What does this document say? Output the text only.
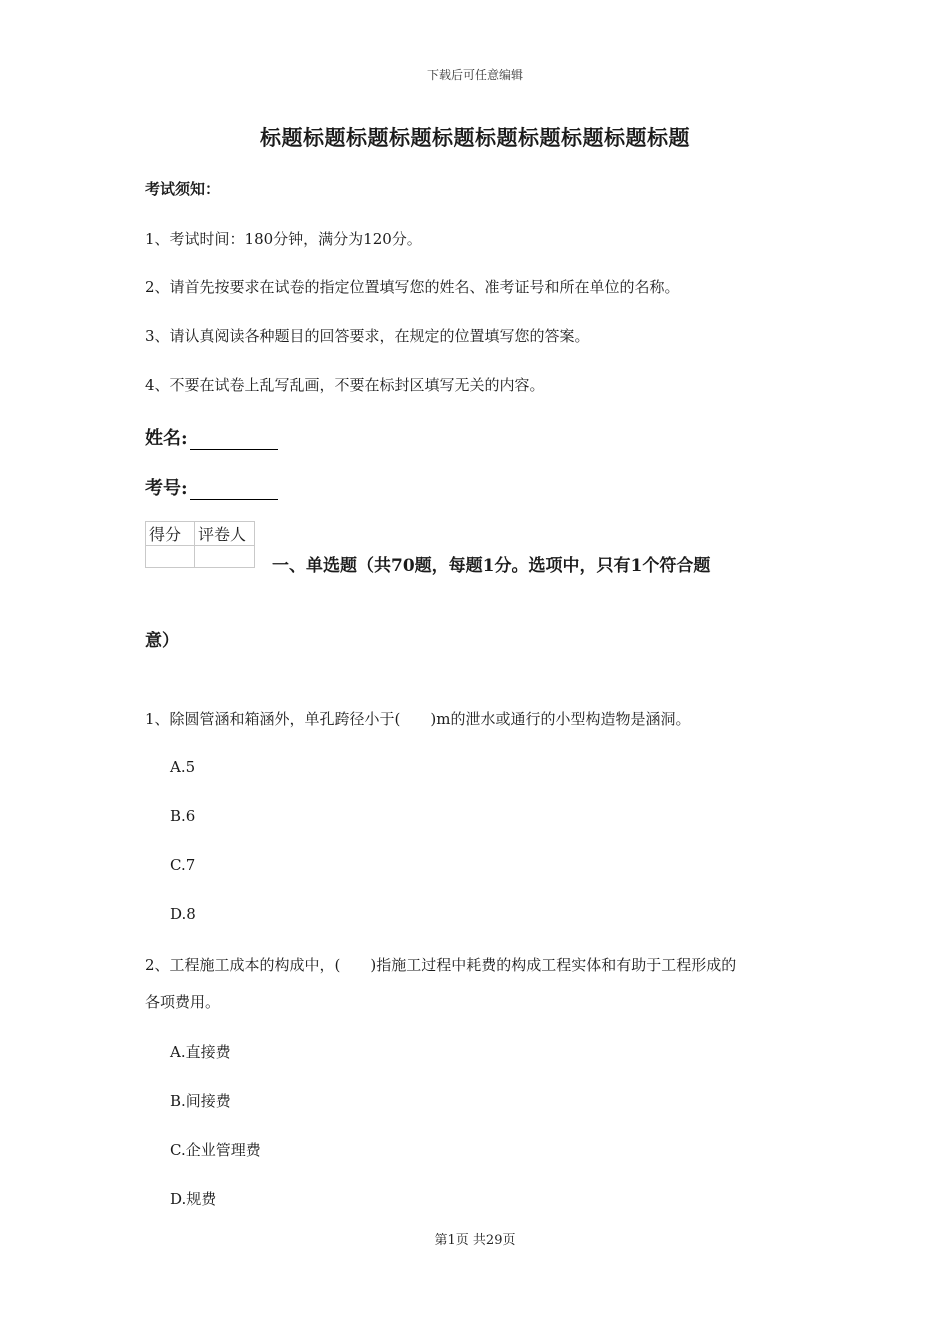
下载后可任意编辑
标题标题标题标题标题标题标题标题标题标题
考试须知：
1、考试时间：180分钟，满分为120分。
2、请首先按要求在试卷的指定位置填写您的姓名、准考证号和所在单位的名称。
3、请认真阅读各种题目的回答要求，在规定的位置填写您的答案。
4、不要在试卷上乱写乱画，不要在标封区填写无关的内容。
姓名:
考号:
得分	评卷人

一、单选题（共70题，每题1分。选项中，只有1个符合题
意）
1、除圆管涵和箱涵外，单孔跨径小于(　　)m的泄水或通行的小型构造物是涵洞。
A.5
B.6
C.7
D.8
2、工程施工成本的构成中，(　　)指施工过程中耗费的构成工程实体和有助于工程形成的
各项费用。
A.直接费
B.间接费
C.企业管理费
D.规费
第1页 共29页
